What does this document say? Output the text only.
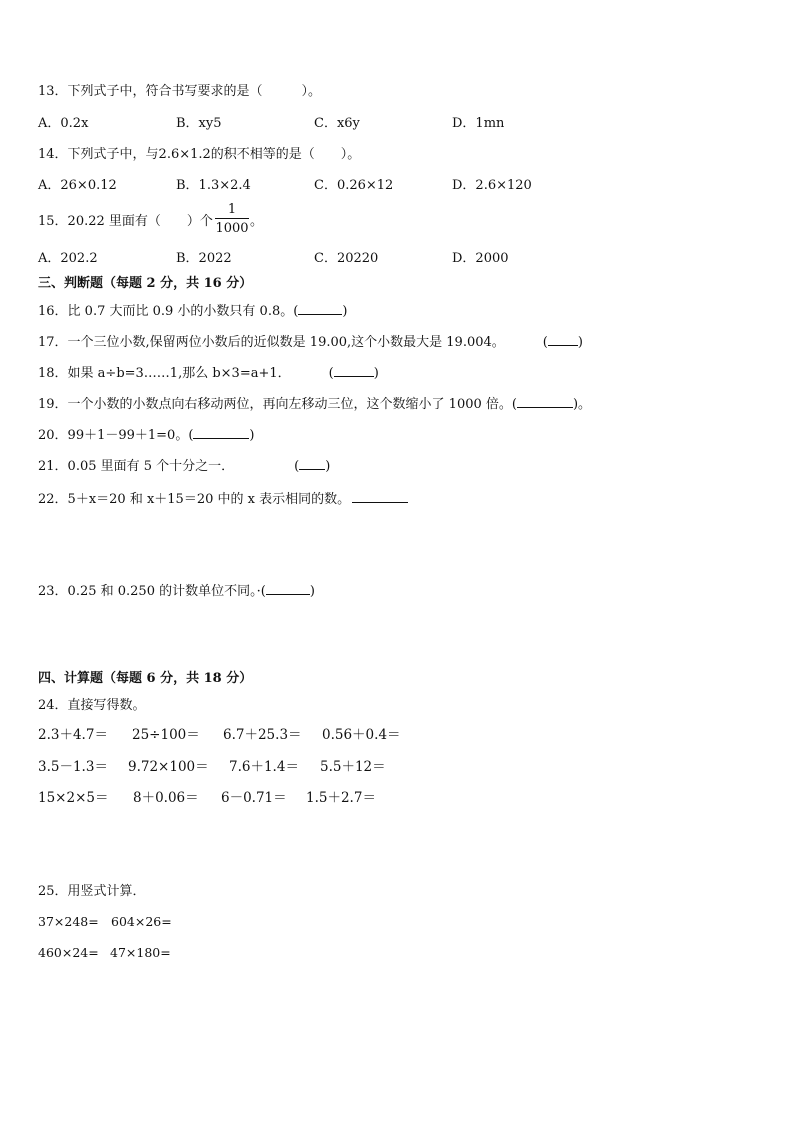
13．下列式子中，符合书写要求的是（　　　）。
A．0.2x	B．xy5	C．x6y	D．1mn
14．下列式子中，与2.6×1.2的积不相等的是（　　）。
A．26×0.12	B．1.3×2.4	C．0.26×12	D．2.6×120
15．20.22 里面有（　　）个
1
1000 。
A．202.2	B．2022	C．20220	D．2000
三、判断题（每题 2 分，共 16 分）
16．比 0.7 大而比 0.9 小的小数只有 0.8。(	)
17．一个三位小数,保留两位小数后的近似数是 19.00,这个小数最大是 19.004。	( )
18．如果 a÷b=3……1,那么 b×3=a+1．	(	)
19．一个小数的小数点向右移动两位，再向左移动三位，这个数缩小了 1000 倍。(	)。
20．99＋1－99＋1=0。(	)
21．0.05 里面有 5 个十分之一．	( )
22．5＋x＝20 和 x＋15＝20 中的 x 表示相同的数。
23．0.25 和 0.250 的计数单位不同。·(	)
四、计算题（每题 6 分，共 18 分）
24．直接写得数。
2.3＋4.7＝ 25÷100＝ 6.7＋25.3＝ 0.56＋0.4＝
3.5－1.3＝ 9.72×100＝ 7.6＋1.4＝ 5.5＋12＝
15×2×5＝ 8＋0.06＝ 6－0.71＝ 1.5＋2.7＝
25．用竖式计算．
37×248= 604×26=
460×24= 47×180=
